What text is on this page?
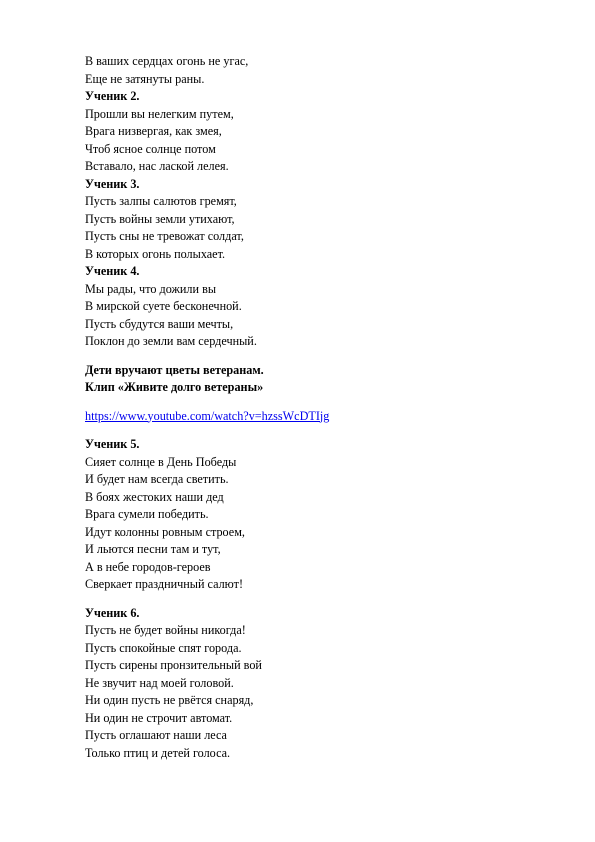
В ваших сердцах огонь не угас,
Еще не затянуты раны.
Ученик 2.
Прошли вы нелегким путем,
Врага низвергая, как змея,
Чтоб ясное солнце потом
Вставало, нас лаской лелея.
Ученик 3.
Пусть залпы салютов гремят,
Пусть войны земли утихают,
Пусть сны не тревожат солдат,
В которых огонь полыхает.
Ученик 4.
Мы рады, что дожили вы
В мирской суете бесконечной.
Пусть сбудутся ваши мечты,
Поклон до земли вам сердечный.
Дети вручают цветы ветеранам.
Клип «Живите долго ветераны»
https://www.youtube.com/watch?v=hzssWcDTIjg
Ученик 5.
Сияет солнце в День Победы
И будет нам всегда светить.
В боях жестоких наши дед
Врага сумели победить.
Идут колонны ровным строем,
И льются песни там и тут,
А в небе городов-героев
Сверкает праздничный салют!
Ученик 6.
Пусть не будет войны никогда!
Пусть спокойные спят города.
Пусть сирены пронзительный вой
Не звучит над моей головой.
Ни один пусть не рвётся снаряд,
Ни один не строчит автомат.
Пусть оглашают наши леса
Только птиц и детей голоса.
